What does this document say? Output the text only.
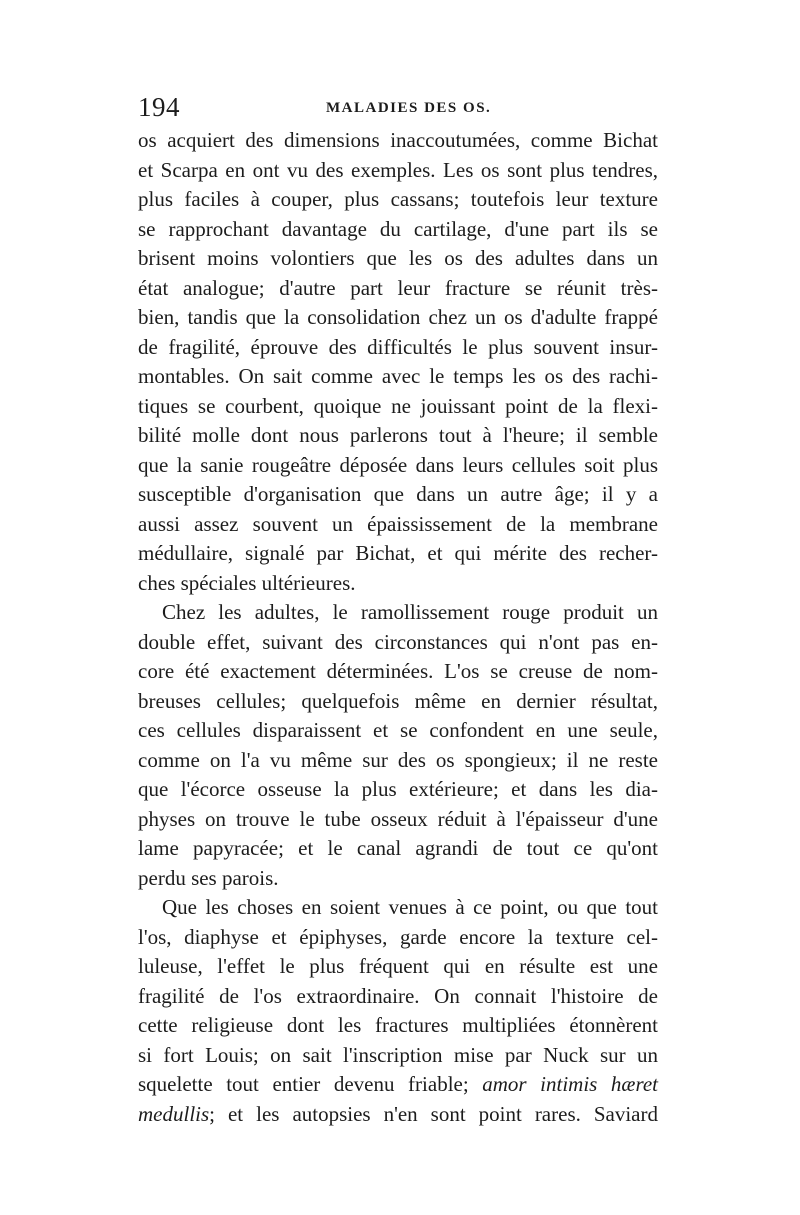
194	MALADIES DES OS.
os acquiert des dimensions inaccoutumées, comme Bichat
et Scarpa en ont vu des exemples. Les os sont plus tendres,
plus faciles à couper, plus cassans; toutefois leur texture
se rapprochant davantage du cartilage, d'une part ils se
brisent moins volontiers que les os des adultes dans un
état analogue; d'autre part leur fracture se réunit très-
bien, tandis que la consolidation chez un os d'adulte frappé
de fragilité, éprouve des difficultés le plus souvent insur-
montables. On sait comme avec le temps les os des rachi-
tiques se courbent, quoique ne jouissant point de la flexi-
bilité molle dont nous parlerons tout à l'heure; il semble
que la sanie rougeâtre déposée dans leurs cellules soit plus
susceptible d'organisation que dans un autre âge; il y a
aussi assez souvent un épaississement de la membrane
médullaire, signalé par Bichat, et qui mérite des recher-
ches spéciales ultérieures.
Chez les adultes, le ramollissement rouge produit un
double effet, suivant des circonstances qui n'ont pas en-
core été exactement déterminées. L'os se creuse de nom-
breuses cellules; quelquefois même en dernier résultat,
ces cellules disparaissent et se confondent en une seule,
comme on l'a vu même sur des os spongieux; il ne reste
que l'écorce osseuse la plus extérieure; et dans les dia-
physes on trouve le tube osseux réduit à l'épaisseur d'une
lame papyracée; et le canal agrandi de tout ce qu'ont
perdu ses parois.
Que les choses en soient venues à ce point, ou que tout
l'os, diaphyse et épiphyses, garde encore la texture cel-
luleuse, l'effet le plus fréquent qui en résulte est une
fragilité de l'os extraordinaire. On connait l'histoire de
cette religieuse dont les fractures multipliées étonnèrent
si fort Louis; on sait l'inscription mise par Nuck sur un
squelette tout entier devenu friable; amor intimis hæret
medullis; et les autopsies n'en sont point rares. Saviard
